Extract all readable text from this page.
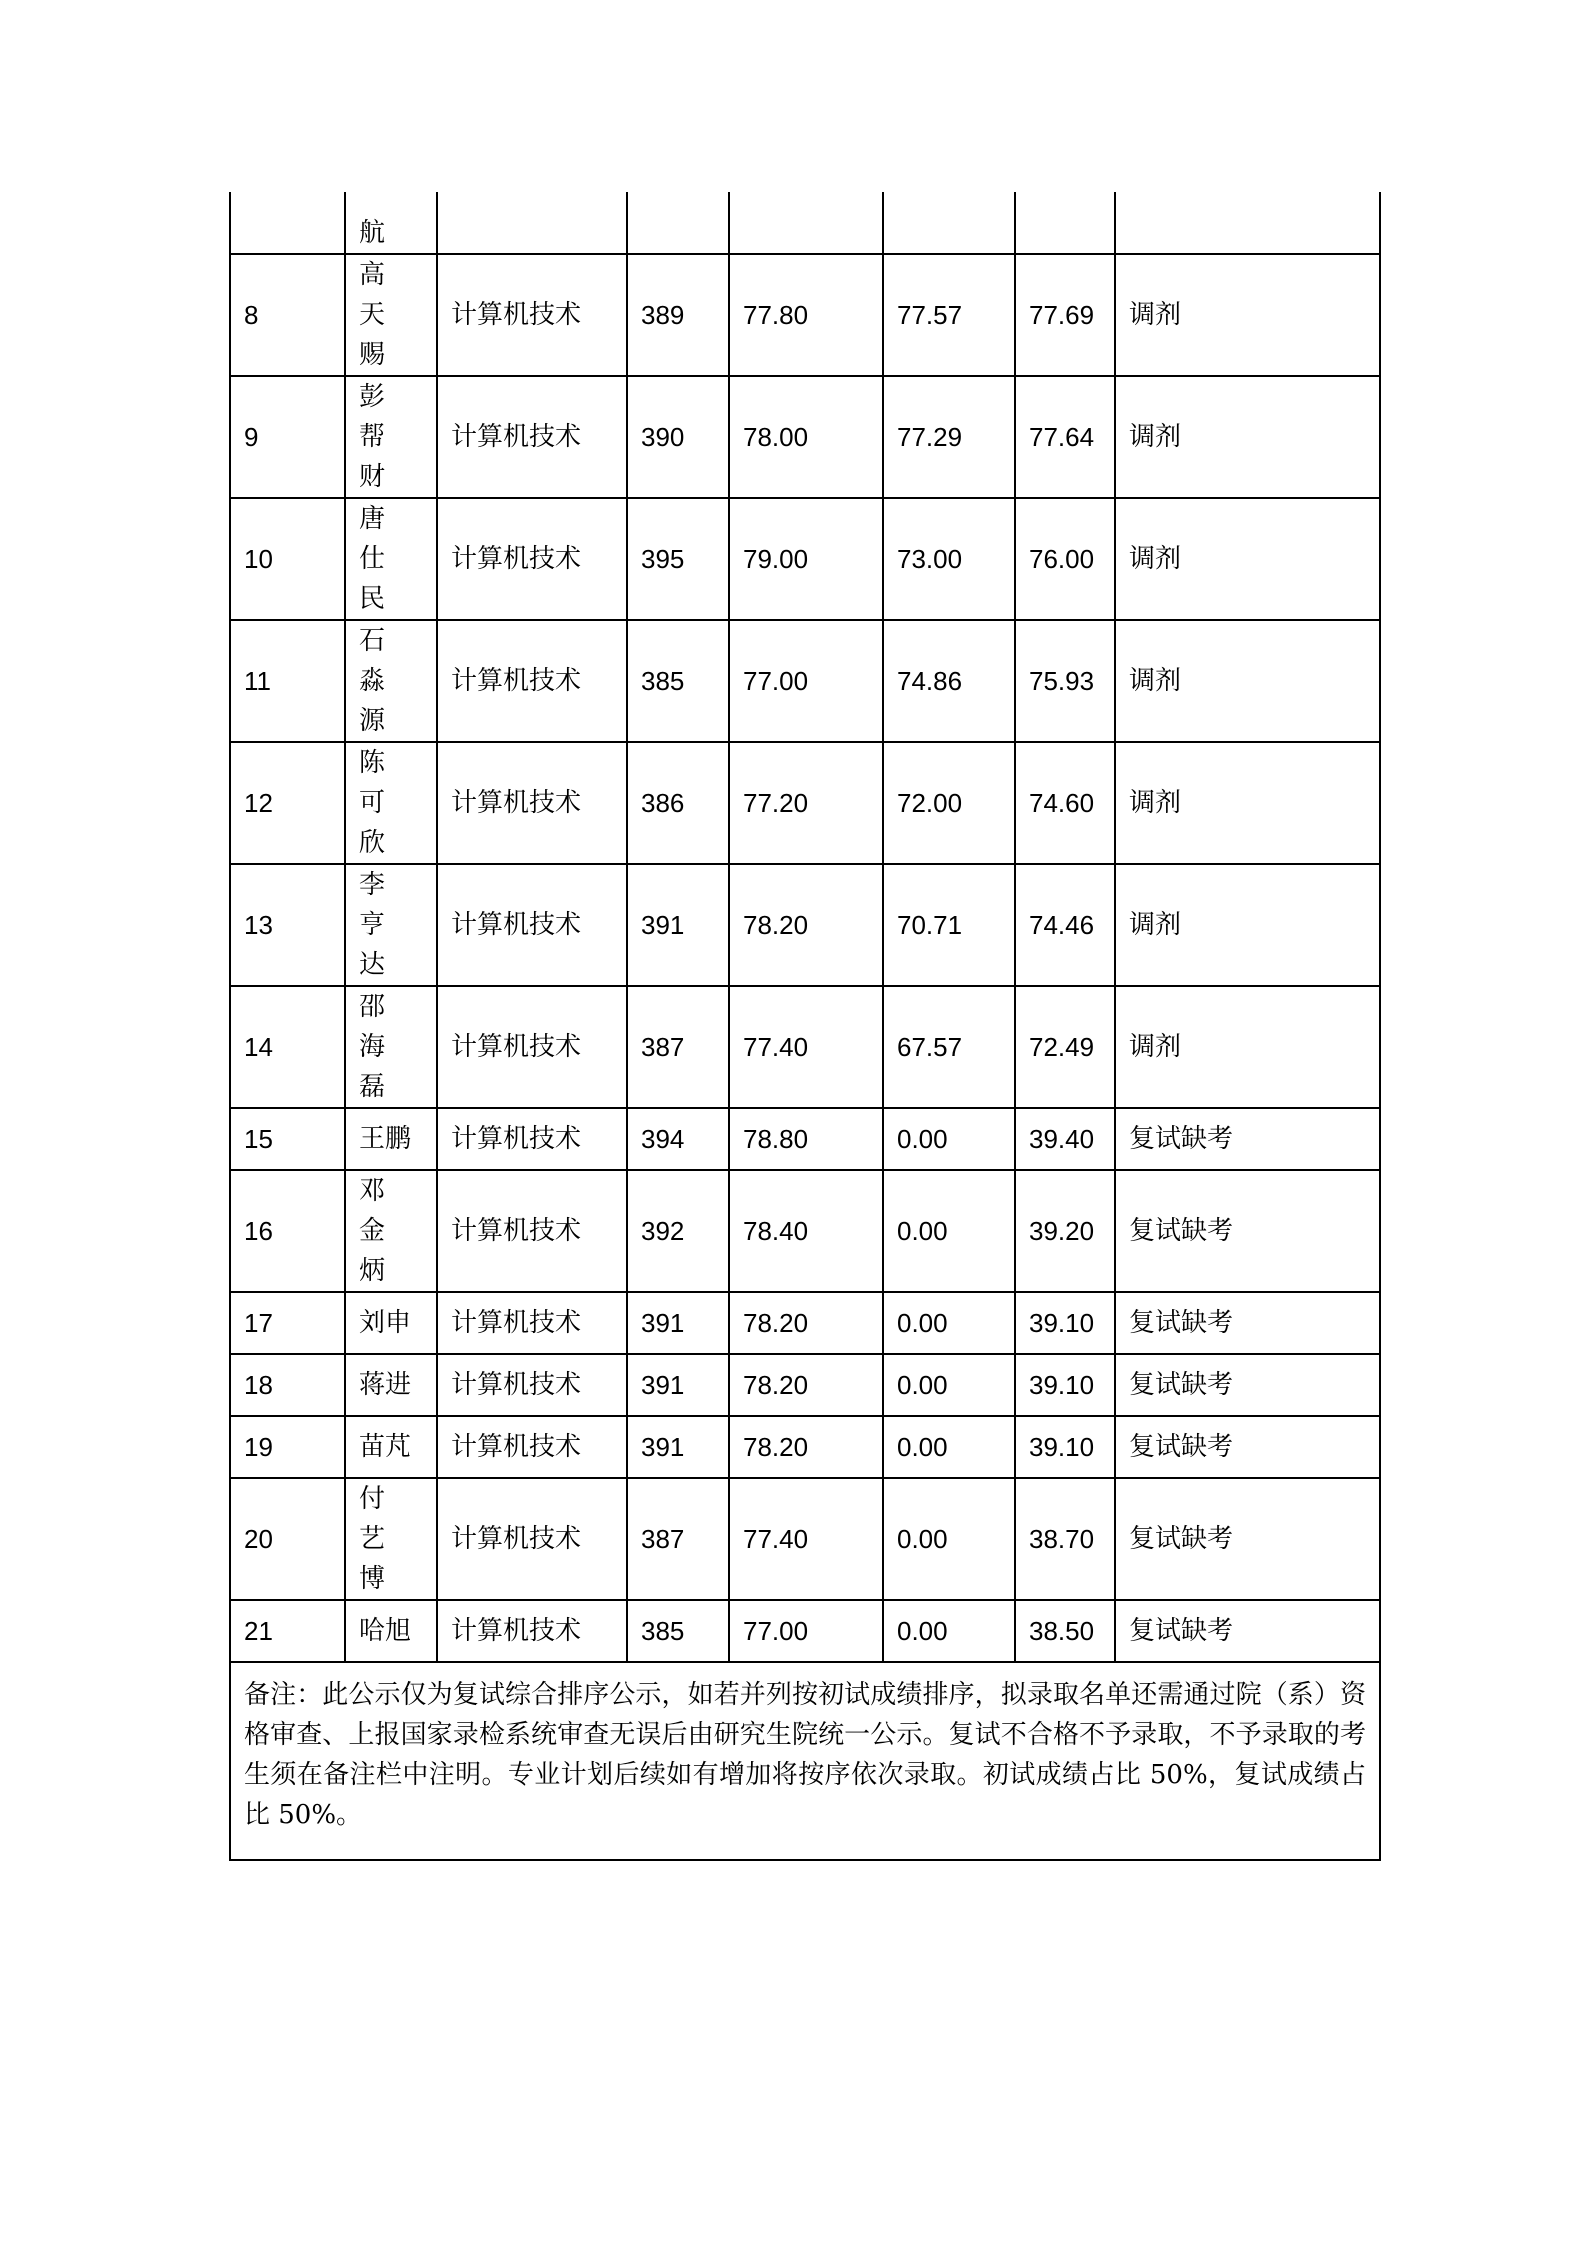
	航						
8	高天赐	计算机技术	389	77.80	77.57	77.69	调剂
9	彭帮财	计算机技术	390	78.00	77.29	77.64	调剂
10	唐仕民	计算机技术	395	79.00	73.00	76.00	调剂
11	石淼源	计算机技术	385	77.00	74.86	75.93	调剂
12	陈可欣	计算机技术	386	77.20	72.00	74.60	调剂
13	李亨达	计算机技术	391	78.20	70.71	74.46	调剂
14	邵海磊	计算机技术	387	77.40	67.57	72.49	调剂
15	王鹏	计算机技术	394	78.80	0.00	39.40	复试缺考
16	邓金炳	计算机技术	392	78.40	0.00	39.20	复试缺考
17	刘申	计算机技术	391	78.20	0.00	39.10	复试缺考
18	蒋进	计算机技术	391	78.20	0.00	39.10	复试缺考
19	苗芃	计算机技术	391	78.20	0.00	39.10	复试缺考
20	付艺博	计算机技术	387	77.40	0.00	38.70	复试缺考
21	哈旭	计算机技术	385	77.00	0.00	38.50	复试缺考
备注：此公示仅为复试综合排序公示，如若并列按初试成绩排序，拟录取名单还需通过院（系）资格审查、上报国家录检系统审查无误后由研究生院统一公示。复试不合格不予录取，不予录取的考生须在备注栏中注明。专业计划后续如有增加将按序依次录取。初试成绩占比 50%，复试成绩占比 50%。							
